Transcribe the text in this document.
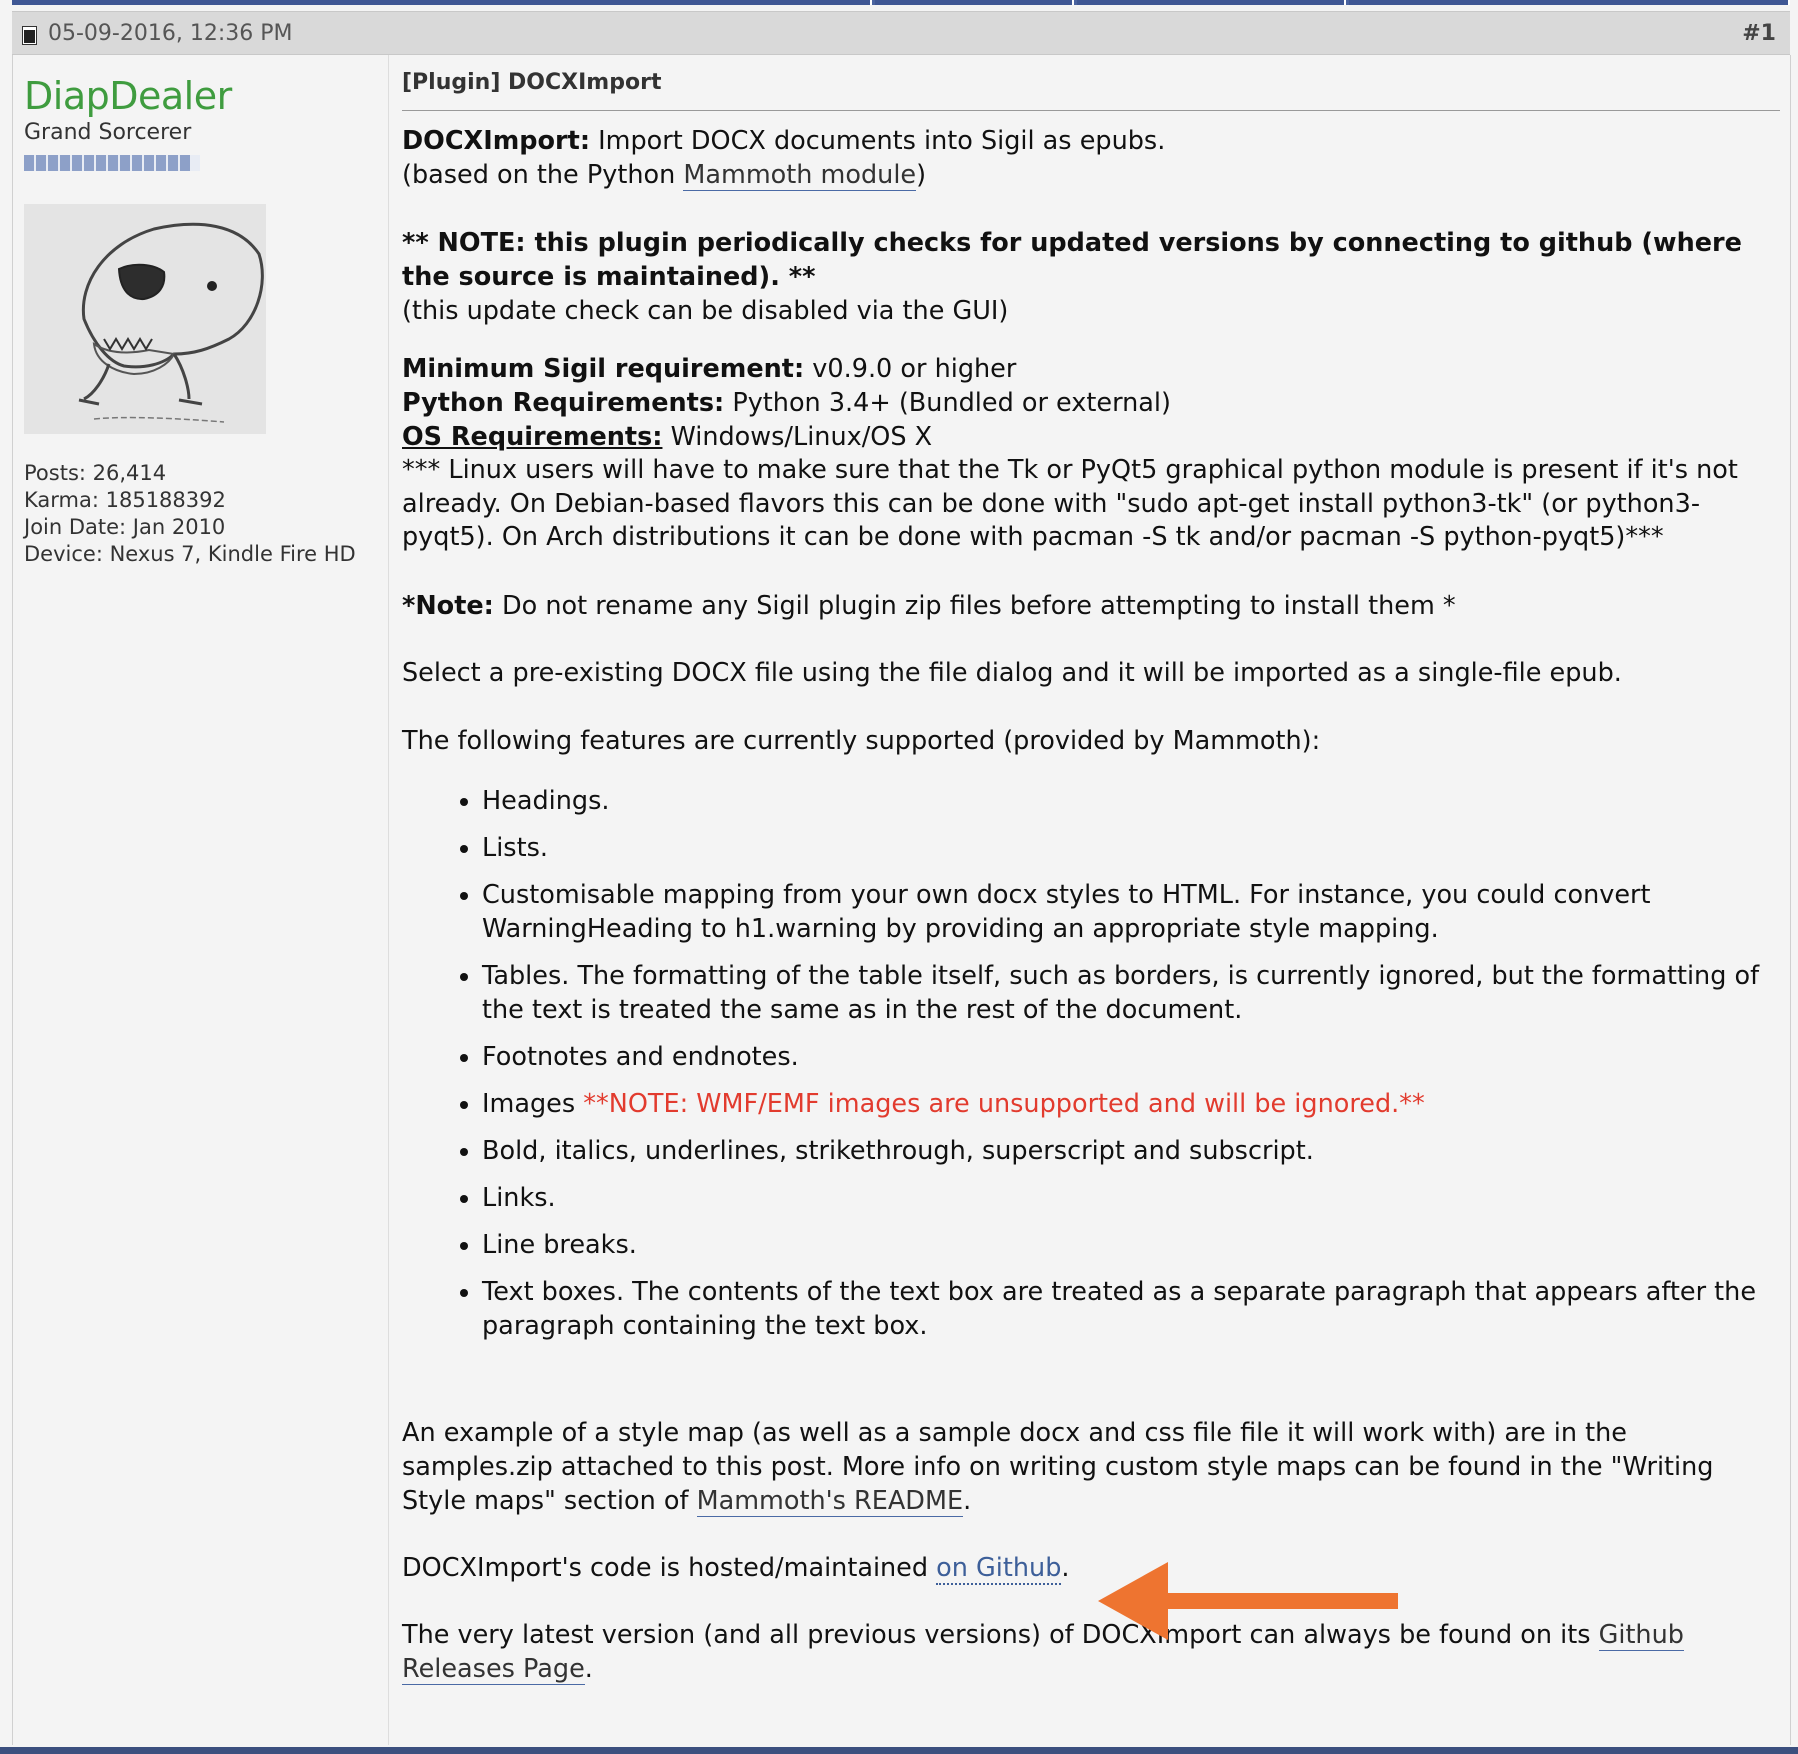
05-09-2016, 12:36 PM	#1
DiapDealer
Grand Sorcerer
Posts: 26,414
Karma: 185188392
Join Date: Jan 2010
Device: Nexus 7, Kindle Fire HD
[Plugin] DOCXImport

DOCXImport: Import DOCX documents into Sigil as epubs.

(based on the Python Mammoth module)

** NOTE: this plugin periodically checks for updated versions by connecting to github (where the source is maintained). **

(this update check can be disabled via the GUI)

Minimum Sigil requirement: v0.9.0 or higher

Python Requirements: Python 3.4+ (Bundled or external)

OS Requirements: Windows/Linux/OS X

*** Linux users will have to make sure that the Tk or PyQt5 graphical python module is present if it's not already. On Debian-based flavors this can be done with "sudo apt-get install python3-tk" (or python3-pyqt5). On Arch distributions it can be done with pacman -S tk and/or pacman -S python-pyqt5)***

*Note: Do not rename any Sigil plugin zip files before attempting to install them *

Select a pre-existing DOCX file using the file dialog and it will be imported as a single-file epub.

The following features are currently supported (provided by Mammoth):

Headings.
Lists.
Customisable mapping from your own docx styles to HTML. For instance, you could convert WarningHeading to h1.warning by providing an appropriate style mapping.
Tables. The formatting of the table itself, such as borders, is currently ignored, but the formatting of the text is treated the same as in the rest of the document.
Footnotes and endnotes.
Images **NOTE: WMF/EMF images are unsupported and will be ignored.**
Bold, italics, underlines, strikethrough, superscript and subscript.
Links.
Line breaks.
Text boxes. The contents of the text box are treated as a separate paragraph that appears after the paragraph containing the text box.

An example of a style map (as well as a sample docx and css file file it will work with) are in the samples.zip attached to this post. More info on writing custom style maps can be found in the "Writing Style maps" section of Mammoth's README.

DOCXImport's code is hosted/maintained on Github.

The very latest version (and all previous versions) of DOCXImport can always be found on its Github Releases Page.
